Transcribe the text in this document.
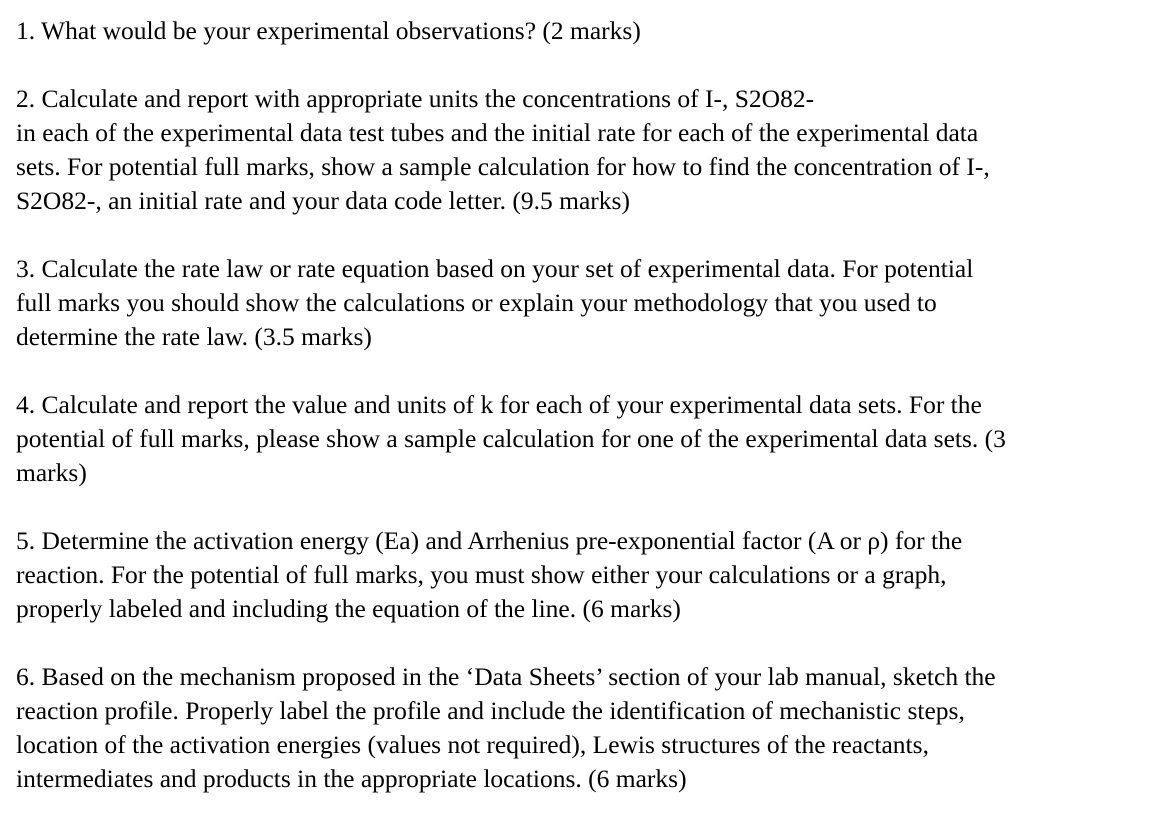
1. What would be your experimental observations? (2 marks)

2. Calculate and report with appropriate units the concentrations of I-, S2O82-
in each of the experimental data test tubes and the initial rate for each of the experimental data
sets. For potential full marks, show a sample calculation for how to find the concentration of I-,
S2O82-, an initial rate and your data code letter. (9.5 marks)

3. Calculate the rate law or rate equation based on your set of experimental data. For potential
full marks you should show the calculations or explain your methodology that you used to
determine the rate law. (3.5 marks)

4. Calculate and report the value and units of k for each of your experimental data sets. For the
potential of full marks, please show a sample calculation for one of the experimental data sets. (3
marks)

5. Determine the activation energy (Ea) and Arrhenius pre-exponential factor (A or ρ) for the
reaction. For the potential of full marks, you must show either your calculations or a graph,
properly labeled and including the equation of the line. (6 marks)

6. Based on the mechanism proposed in the ‘Data Sheets’ section of your lab manual, sketch the
reaction profile. Properly label the profile and include the identification of mechanistic steps,
location of the activation energies (values not required), Lewis structures of the reactants,
intermediates and products in the appropriate locations. (6 marks)
